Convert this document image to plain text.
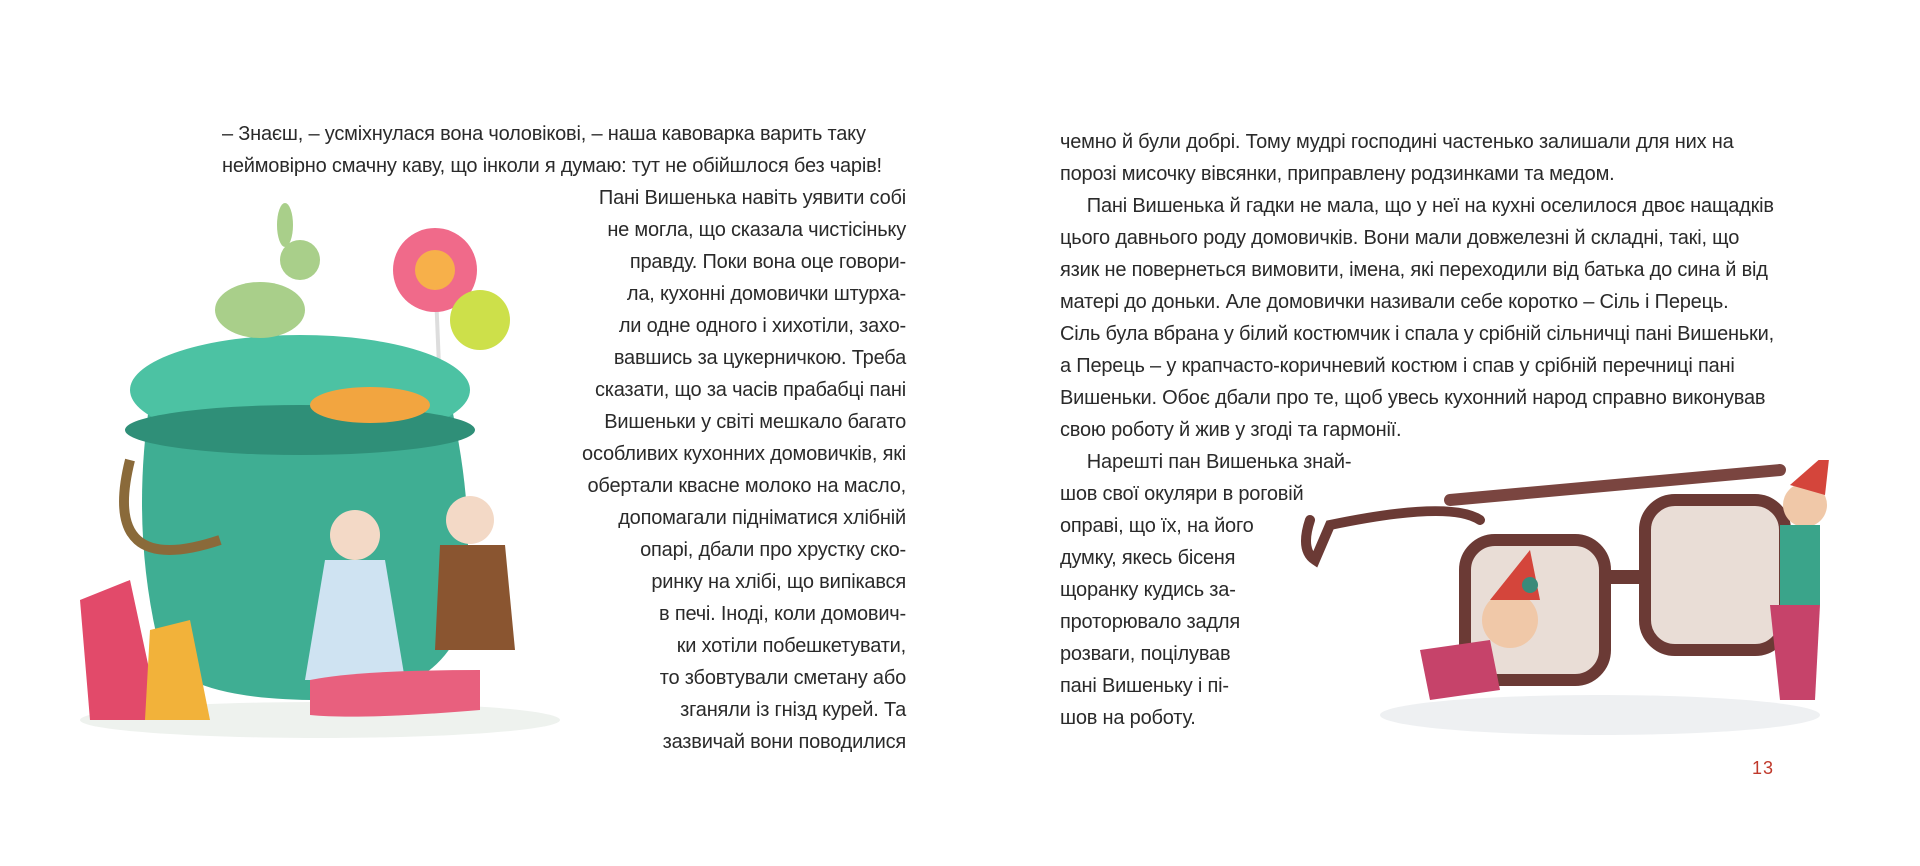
– Знаєш, – усміхнулася вона чоловікові, – наша кавоварка варить таку
неймовірно смачну каву, що інколи я думаю: тут не обійшлося без чарів!
Пані Вишенька навіть уявити собі
не могла, що сказала чистісіньку
правду. Поки вона оце говори-
ла, кухонні домовички штурха-
ли одне одного і хихотіли, захо-
вавшись за цукерничкою. Треба
сказати, що за часів прабабці пані
Вишеньки у світі мешкало багато
особливих кухонних домовичків, які
обертали квасне молоко на масло,
допомагали підніматися хлібній
опарі, дбали про хрустку ско-
ринку на хлібі, що випікався
в печі. Іноді, коли домович-
ки хотіли побешкетувати,
то збовтували сметану або
зганяли із гнізд курей. Та
зазвичай вони поводилися
чемно й були добрі. Тому мудрі господині частенько залишали для них на
порозі мисочку вівсянки, приправлену родзинками та медом.
Пані Вишенька й гадки не мала, що у неї на кухні оселилося двоє нащадків
цього давнього роду домовичків. Вони мали довжелезні й складні, такі, що
язик не повернеться вимовити, імена, які переходили від батька до сина й від
матері до доньки. Але домовички називали себе коротко – Сіль і Перець.
Сіль була вбрана у білий костюмчик і спала у срібній сільничці пані Вишеньки,
а Перець – у крапчасто-коричневий костюм і спав у срібній перечниці пані
Вишеньки. Обоє дбали про те, щоб увесь кухонний народ справно виконував
свою роботу й жив у згоді та гармонії.
Нарешті пан Вишенька знай-
шов свої окуляри в роговій
оправі, що їх, на його
думку, якесь бісеня
щоранку кудись за-
проторювало задля
розваги, поцілував
пані Вишеньку і пі-
шов на роботу.
13
